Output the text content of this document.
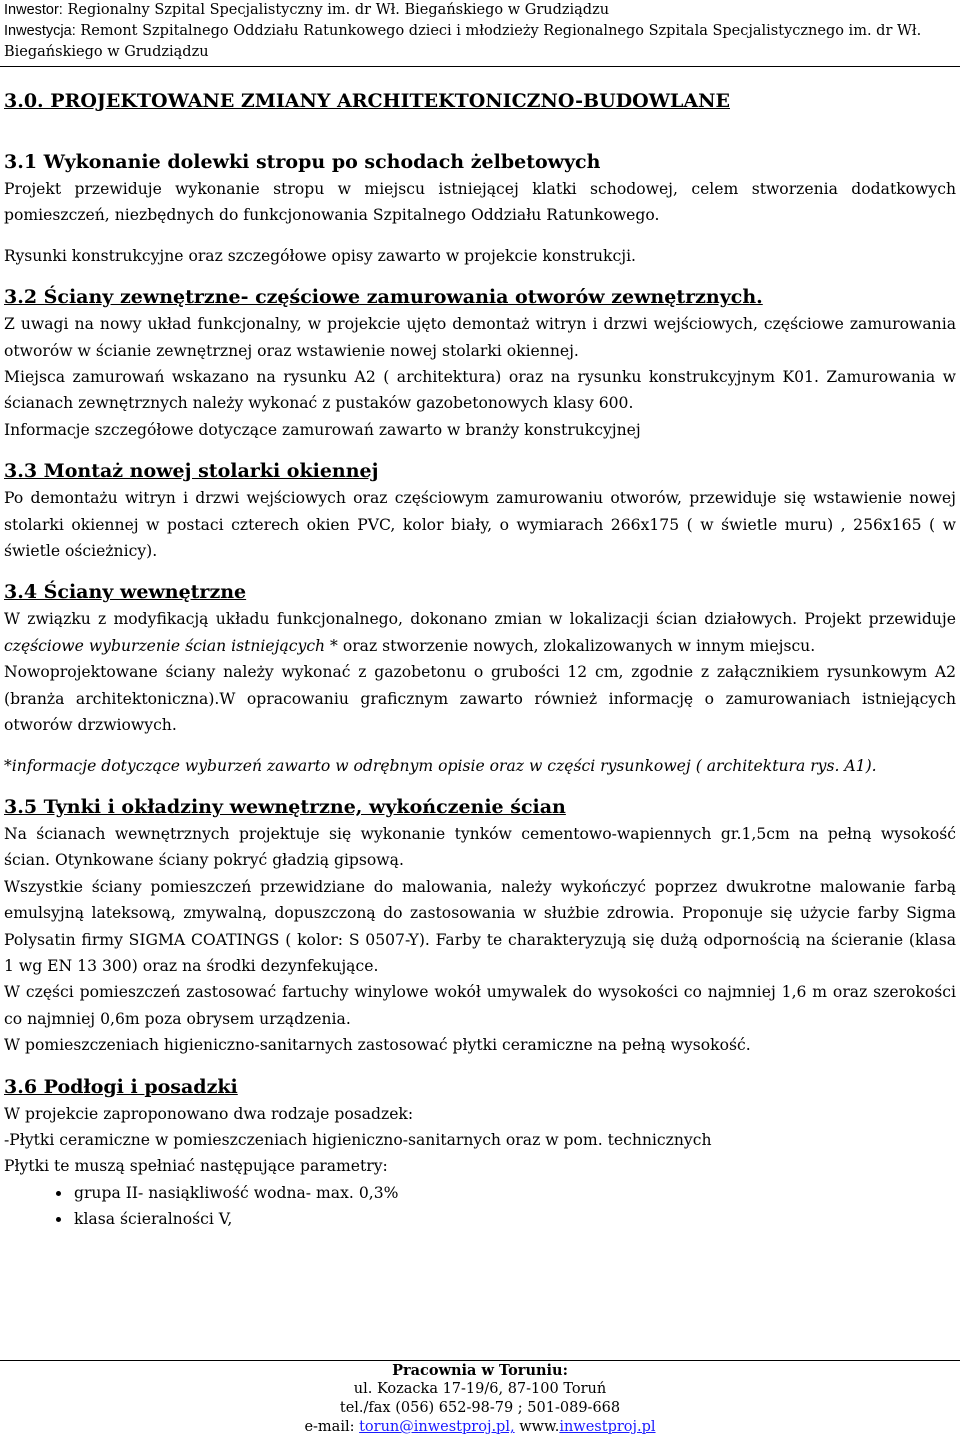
Inwestor: Regionalny Szpital Specjalistyczny im. dr Wł. Biegańskiego w Grudziądzu
Inwestycja: Remont Szpitalnego Oddziału Ratunkowego dzieci i młodzieży Regionalnego Szpitala Specjalistycznego im. dr Wł. Biegańskiego w Grudziądzu
3.0. PROJEKTOWANE ZMIANY ARCHITEKTONICZNO-BUDOWLANE
3.1 Wykonanie dolewki stropu po schodach żelbetowych

Projekt przewiduje wykonanie stropu w miejscu istniejącej klatki schodowej, celem stworzenia dodatkowych pomieszczeń, niezbędnych do funkcjonowania Szpitalnego Oddziału Ratunkowego.

Rysunki konstrukcyjne oraz szczegółowe opisy zawarto w projekcie konstrukcji.

3.2 Ściany zewnętrzne- częściowe zamurowania otworów zewnętrznych.

Z uwagi na nowy układ funkcjonalny, w projekcie ujęto demontaż witryn i drzwi wejściowych, częściowe zamurowania otworów w ścianie zewnętrznej oraz wstawienie nowej stolarki okiennej.

Miejsca zamurowań wskazano na rysunku A2 ( architektura) oraz na rysunku konstrukcyjnym K01. Zamurowania w ścianach zewnętrznych należy wykonać z pustaków gazobetonowych klasy 600.

Informacje szczegółowe dotyczące zamurowań zawarto w branży konstrukcyjnej

3.3 Montaż nowej stolarki okiennej

Po demontażu witryn i drzwi wejściowych oraz częściowym zamurowaniu otworów, przewiduje się wstawienie nowej stolarki okiennej w postaci czterech okien PVC, kolor biały, o wymiarach 266x175 ( w świetle muru) , 256x165 ( w świetle ościeżnicy).

3.4 Ściany wewnętrzne

W związku z modyfikacją układu funkcjonalnego, dokonano zmian w lokalizacji ścian działowych. Projekt przewiduje częściowe wyburzenie ścian istniejących * oraz stworzenie nowych, zlokalizowanych w innym miejscu.

Nowoprojektowane ściany należy wykonać z gazobetonu o grubości 12 cm, zgodnie z załącznikiem rysunkowym A2 (branża architektoniczna).W opracowaniu graficznym zawarto również informację o zamurowaniach istniejących otworów drzwiowych.

*informacje dotyczące wyburzeń zawarto w odrębnym opisie oraz w części rysunkowej ( architektura rys. A1).

3.5 Tynki i okładziny wewnętrzne, wykończenie ścian

Na ścianach wewnętrznych projektuje się wykonanie tynków cementowo-wapiennych gr.1,5cm na pełną wysokość ścian. Otynkowane ściany pokryć gładzią gipsową.

Wszystkie ściany pomieszczeń przewidziane do malowania, należy wykończyć poprzez dwukrotne malowanie farbą emulsyjną lateksową, zmywalną, dopuszczoną do zastosowania w służbie zdrowia. Proponuje się użycie farby Sigma Polysatin firmy SIGMA COATINGS ( kolor: S 0507-Y). Farby te charakteryzują się dużą odpornością na ścieranie (klasa 1 wg EN 13 300) oraz na środki dezynfekujące.

W części pomieszczeń zastosować fartuchy winylowe wokół umywalek do wysokości co najmniej 1,6 m oraz szerokości co najmniej 0,6m poza obrysem urządzenia.

W pomieszczeniach higieniczno-sanitarnych zastosować płytki ceramiczne na pełną wysokość.

3.6 Podłogi i posadzki

W projekcie zaproponowano dwa rodzaje posadzek:

-Płytki ceramiczne w pomieszczeniach higieniczno-sanitarnych oraz w pom. technicznych

Płytki te muszą spełniać następujące parametry:

• grupa II- nasiąkliwość wodna- max. 0,3%
• klasa ścieralności V,
Pracownia w Toruniu:
ul. Kozacka 17-19/6, 87-100 Toruń
tel./fax (056) 652-98-79 ; 501-089-668
e-mail: torun@inwestproj.pl, www.inwestproj.pl
